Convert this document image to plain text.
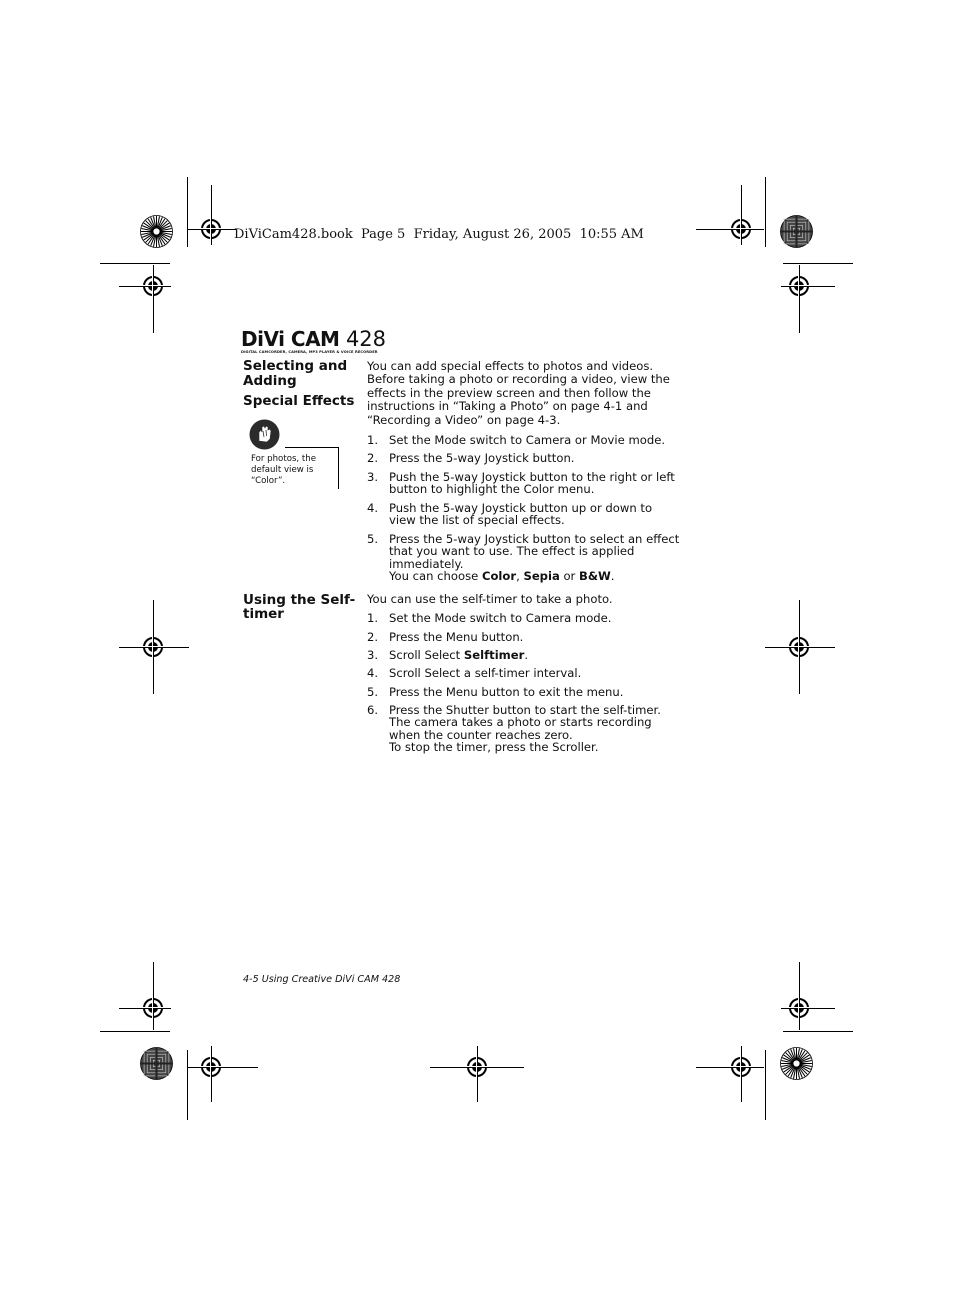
DiViCam428.book  Page 5  Friday, August 26, 2005  10:55 AM
DiVi CAM 428
DIGITAL CAMCORDER, CAMERA, MP3 PLAYER & VOICE RECORDER
Selecting and
Adding
Special Effects
For photos, the
default view is
“Color”.
You can add special effects to photos and videos.
Before taking a photo or recording a video, view the
effects in the preview screen and then follow the
instructions in “Taking a Photo” on page 4-1 and
“Recording a Video” on page 4-3.
1. Set the Mode switch to Camera or Movie mode.
2. Press the 5-way Joystick button.
3. Push the 5-way Joystick button to the right or left
button to highlight the Color menu.
4. Push the 5-way Joystick button up or down to
view the list of special effects.
5. Press the 5-way Joystick button to select an effect
that you want to use. The effect is applied
immediately.
You can choose Color, Sepia or B&W.
Using the Self-
timer
You can use the self-timer to take a photo.
1. Set the Mode switch to Camera mode.
2. Press the Menu button.
3. Scroll Select Selftimer.
4. Scroll Select a self-timer interval.
5. Press the Menu button to exit the menu.
6. Press the Shutter button to start the self-timer.
The camera takes a photo or starts recording
when the counter reaches zero.
To stop the timer, press the Scroller.
4-5 Using Creative DiVi CAM 428
